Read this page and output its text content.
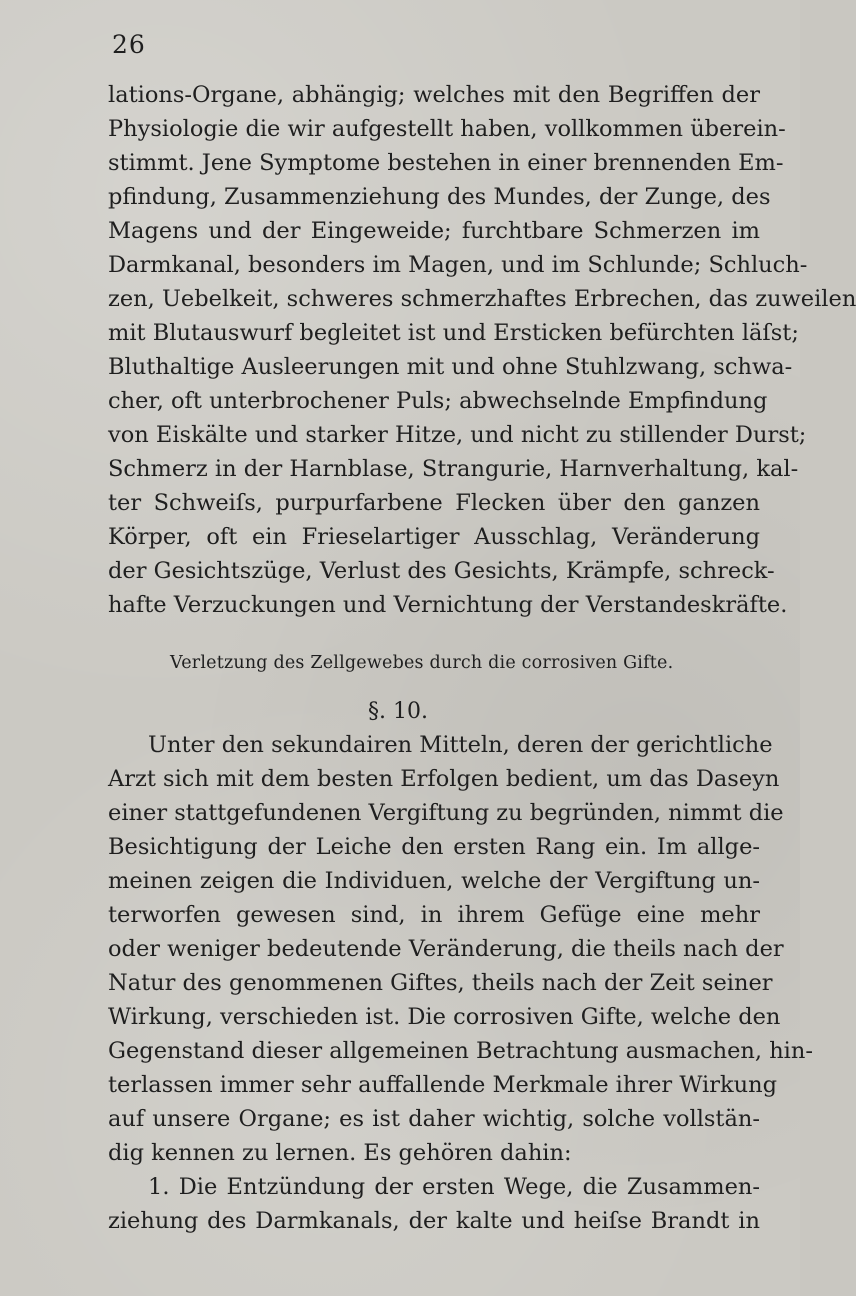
26
lations-Organe, abhängig; welches mit den Begriffen der
Physiologie die wir aufgestellt haben, vollkommen überein-
stimmt. Jene Symptome bestehen in einer brennenden Em-
pfindung, Zusammenziehung des Mundes, der Zunge, des
Magens und der Eingeweide; furchtbare Schmerzen im
Darmkanal, besonders im Magen, und im Schlunde; Schluch-
zen, Uebelkeit, schweres schmerzhaftes Erbrechen, das zuweilen
mit Blutauswurf begleitet ist und Ersticken befürchten läſst;
Bluthaltige Ausleerungen mit und ohne Stuhlzwang, schwa-
cher, oft unterbrochener Puls; abwechselnde Empfindung
von Eiskälte und starker Hitze, und nicht zu stillender Durst;
Schmerz in der Harnblase, Strangurie, Harnverhaltung, kal-
ter Schweiſs, purpurfarbene Flecken über den ganzen
Körper, oft ein Frieselartiger Ausschlag, Veränderung
der Gesichtszüge, Verlust des Gesichts, Krämpfe, schreck-
hafte Verzuckungen und Vernichtung der Verstandeskräfte.
Verletzung des Zellgewebes durch die corrosiven Gifte.
§. 10.
Unter den sekundairen Mitteln, deren der gerichtliche
Arzt sich mit dem besten Erfolgen bedient, um das Daseyn
einer stattgefundenen Vergiftung zu begründen, nimmt die
Besichtigung der Leiche den ersten Rang ein. Im allge-
meinen zeigen die Individuen, welche der Vergiftung un-
terworfen gewesen sind, in ihrem Gefüge eine mehr
oder weniger bedeutende Veränderung, die theils nach der
Natur des genommenen Giftes, theils nach der Zeit seiner
Wirkung, verschieden ist. Die corrosiven Gifte, welche den
Gegenstand dieser allgemeinen Betrachtung ausmachen, hin-
terlassen immer sehr auffallende Merkmale ihrer Wirkung
auf unsere Organe; es ist daher wichtig, solche vollstän-
dig kennen zu lernen. Es gehören dahin:
1. Die Entzündung der ersten Wege, die Zusammen-
ziehung des Darmkanals, der kalte und heiſse Brandt in
